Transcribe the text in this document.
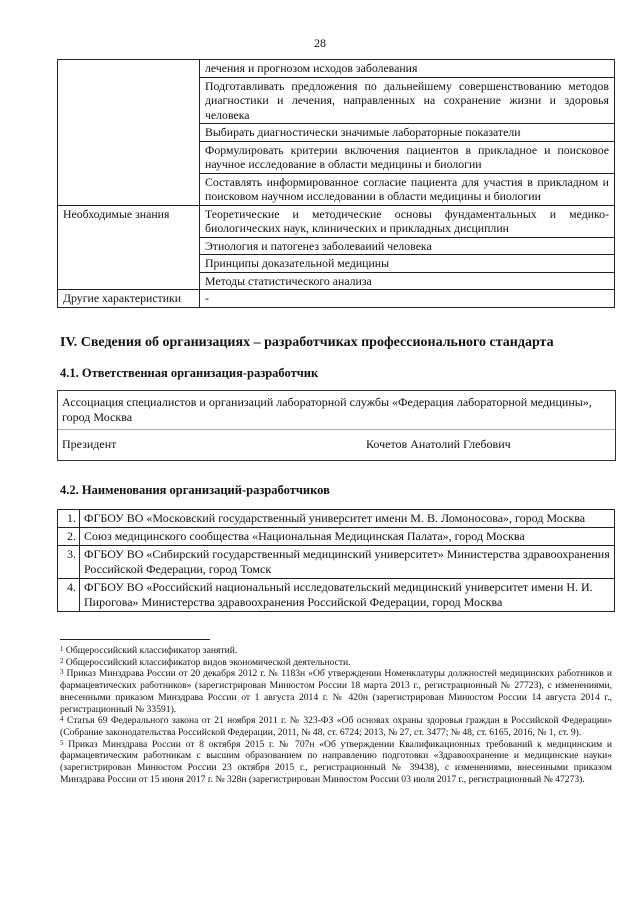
28
	лечения и прогнозом исходов заболевания
	Подготавливать предложения по дальнейшему совершенствованию методов диагностики и лечения, направленных на сохранение жизни и здоровья человека
	Выбирать диагностически значимые лабораторные показатели
	Формулировать критерии включения пациентов в прикладное и поисковое научное исследование в области медицины и биологии
	Составлять информированное согласие пациента для участия в прикладном и поисковом научном исследовании в области медицины и биологии
Необходимые знания	Теоретические и методические основы фундаментальных и медико-биологических наук, клинических и прикладных дисциплин
	Этиология и патогенез заболеваиий человека
	Принципы доказательной медицины
	Методы статистического анализа
Другие характеристики	-
IV. Сведения об организациях – разработчиках профессионального стандарта
4.1. Ответственная организация-разработчик
Ассоциация специалистов и организаций лабораторной службы «Федерация лабораторной медицины», город Москва
Президент	Кочетов Анатолий Глебович
4.2. Наименования организаций-разработчиков
1.	ФГБОУ ВО «Московский государственный университет имени М. В. Ломоносова», город Москва
2.	Союз медицинского сообщества «Национальная Медицинская Палата», город Москва
3.	ФГБОУ ВО «Сибирский государственный медицинский университет» Министерства здравоохранения Российской Федерации, город Томск
4.	ФГБОУ ВО «Российский национальный исследовательский медицинский университет имени Н. И. Пирогова» Министерства здравоохранения Российской Федерации, город Москва

$^1$ Общероссийский классификатор занятий.

$^2$ Общероссийский классификатор видов экономической деятельности.

$^3$ Приказ Минздрава России от 20 декабря 2012 г. № 1183н «Об утверждении Номенклатуры должностей медицинских работников и фармацевтических работников» (зарегистрирован Минюстом России 18 марта 2013 г., регистрационный № 27723), с изменениями, внесенными приказом Минздрава России от 1 августа 2014 г. № 420н (зарегистрирован Минюстом России 14 августа 2014 г., регистрационный № 33591).

$^4$ Статья 69 Федерального закона от 21 ноября 2011 г. № 323-ФЗ «Об основах охраны здоровья граждан в Российской Федерации» (Собрание законодательства Российской Федерации, 2011, № 48, ст. 6724; 2013, № 27, ст. 3477; № 48, ст. 6165, 2016, № 1, ст. 9).

$^5$ Приказ Минздрава России от 8 октября 2015 г. № 707н «Об утверждении Квалификационных требований к медицинским и фармацевтическим работникам с высшим образованием по направлению подготовки «Здравоохранение и медицинские науки» (зарегистрирован Минюстом России 23 октября 2015 г., регистрационный № 39438), с изменениями, внесенными приказом Минздрава России от 15 июня 2017 г. № 328н (зарегистрирован Минюстом России 03 июля 2017 г., регистрационный № 47273).
